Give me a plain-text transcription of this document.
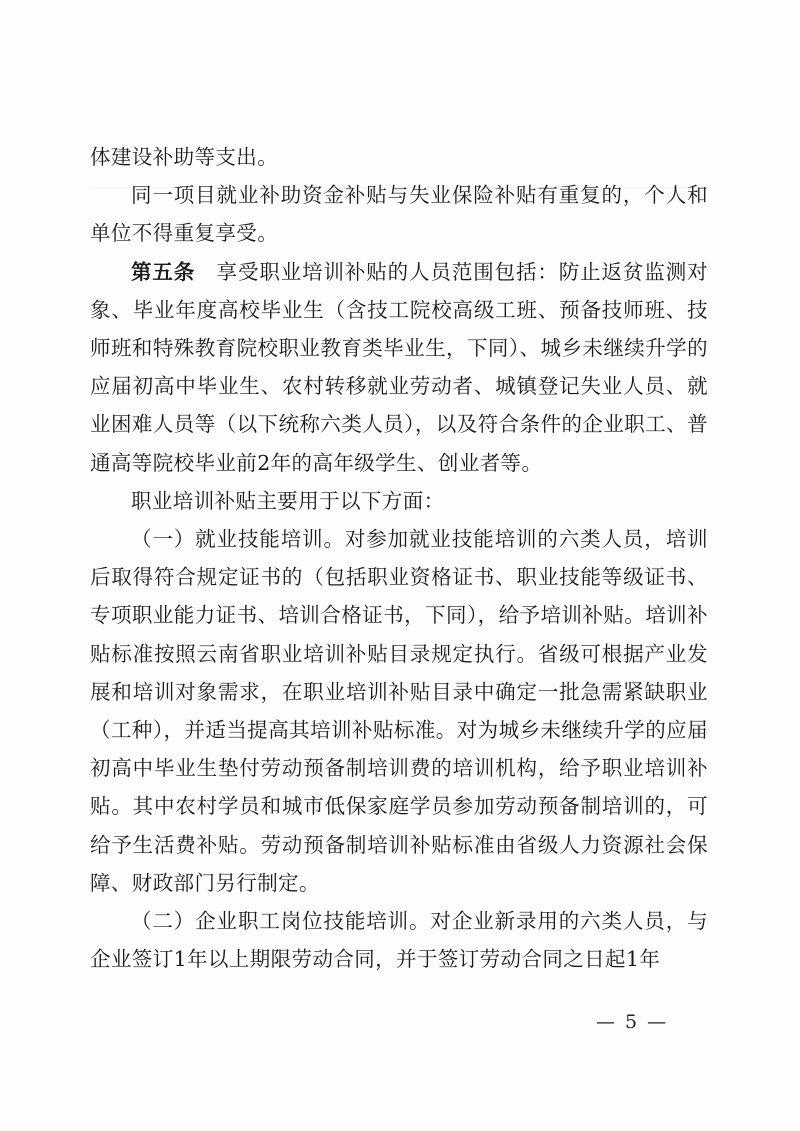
体建设补助等支出。

同一项目就业补助资金补贴与失业保险补贴有重复的，个人和单位不得重复享受。

第五条　享受职业培训补贴的人员范围包括：防止返贫监测对象、毕业年度高校毕业生（含技工院校高级工班、预备技师班、技师班和特殊教育院校职业教育类毕业生，下同）、城乡未继续升学的应届初高中毕业生、农村转移就业劳动者、城镇登记失业人员、就业困难人员等（以下统称六类人员），以及符合条件的企业职工、普通高等院校毕业前2年的高年级学生、创业者等。

职业培训补贴主要用于以下方面：

（一）就业技能培训。对参加就业技能培训的六类人员，培训后取得符合规定证书的（包括职业资格证书、职业技能等级证书、专项职业能力证书、培训合格证书，下同），给予培训补贴。培训补贴标准按照云南省职业培训补贴目录规定执行。省级可根据产业发展和培训对象需求，在职业培训补贴目录中确定一批急需紧缺职业（工种），并适当提高其培训补贴标准。对为城乡未继续升学的应届初高中毕业生垫付劳动预备制培训费的培训机构，给予职业培训补贴。其中农村学员和城市低保家庭学员参加劳动预备制培训的，可给予生活费补贴。劳动预备制培训补贴标准由省级人力资源社会保障、财政部门另行制定。

（二）企业职工岗位技能培训。对企业新录用的六类人员，与企业签订1年以上期限劳动合同，并于签订劳动合同之日起1年

— 5 —
